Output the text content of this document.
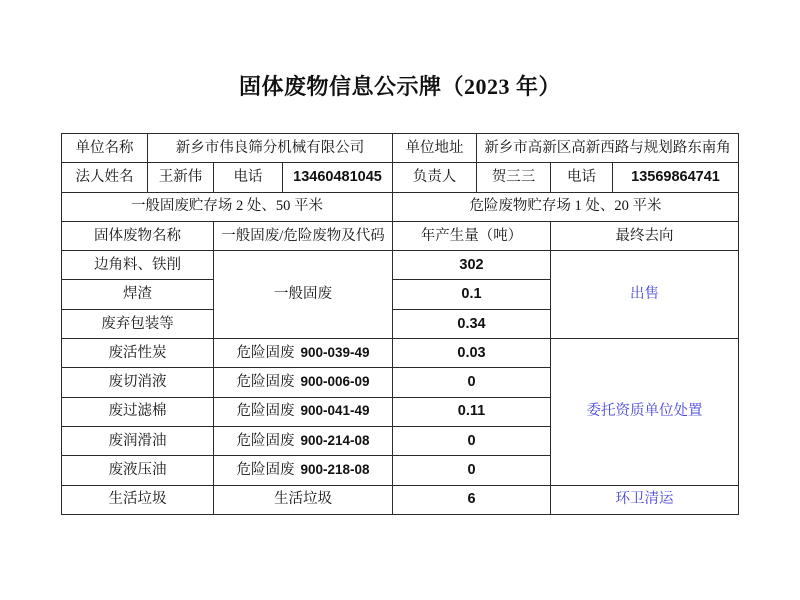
固体废物信息公示牌（2023 年）
单位名称	新乡市伟良筛分机械有限公司			单位地址	新乡市高新区高新西路与规划路东南角		
法人姓名	王新伟	电话	13460481045	负责人	贺三三	电话	13569864741
一般固废贮存场 2 处、50 平米				危险废物贮存场 1 处、20 平米			
固体废物名称		一般固废/危险废物及代码		年产生量（吨）		最终去向	
边角料、铁削		一般固废		302		出售	
焊渣				0.1			
废弃包装等				0.34			
废活性炭		危险固废 900-039-49		0.03		委托资质单位处置	
废切消液		危险固废 900-006-09		0			
废过滤棉		危险固废 900-041-49		0.11			
废润滑油		危险固废 900-214-08		0			
废液压油		危险固废 900-218-08		0			
生活垃圾		生活垃圾		6		环卫清运	
